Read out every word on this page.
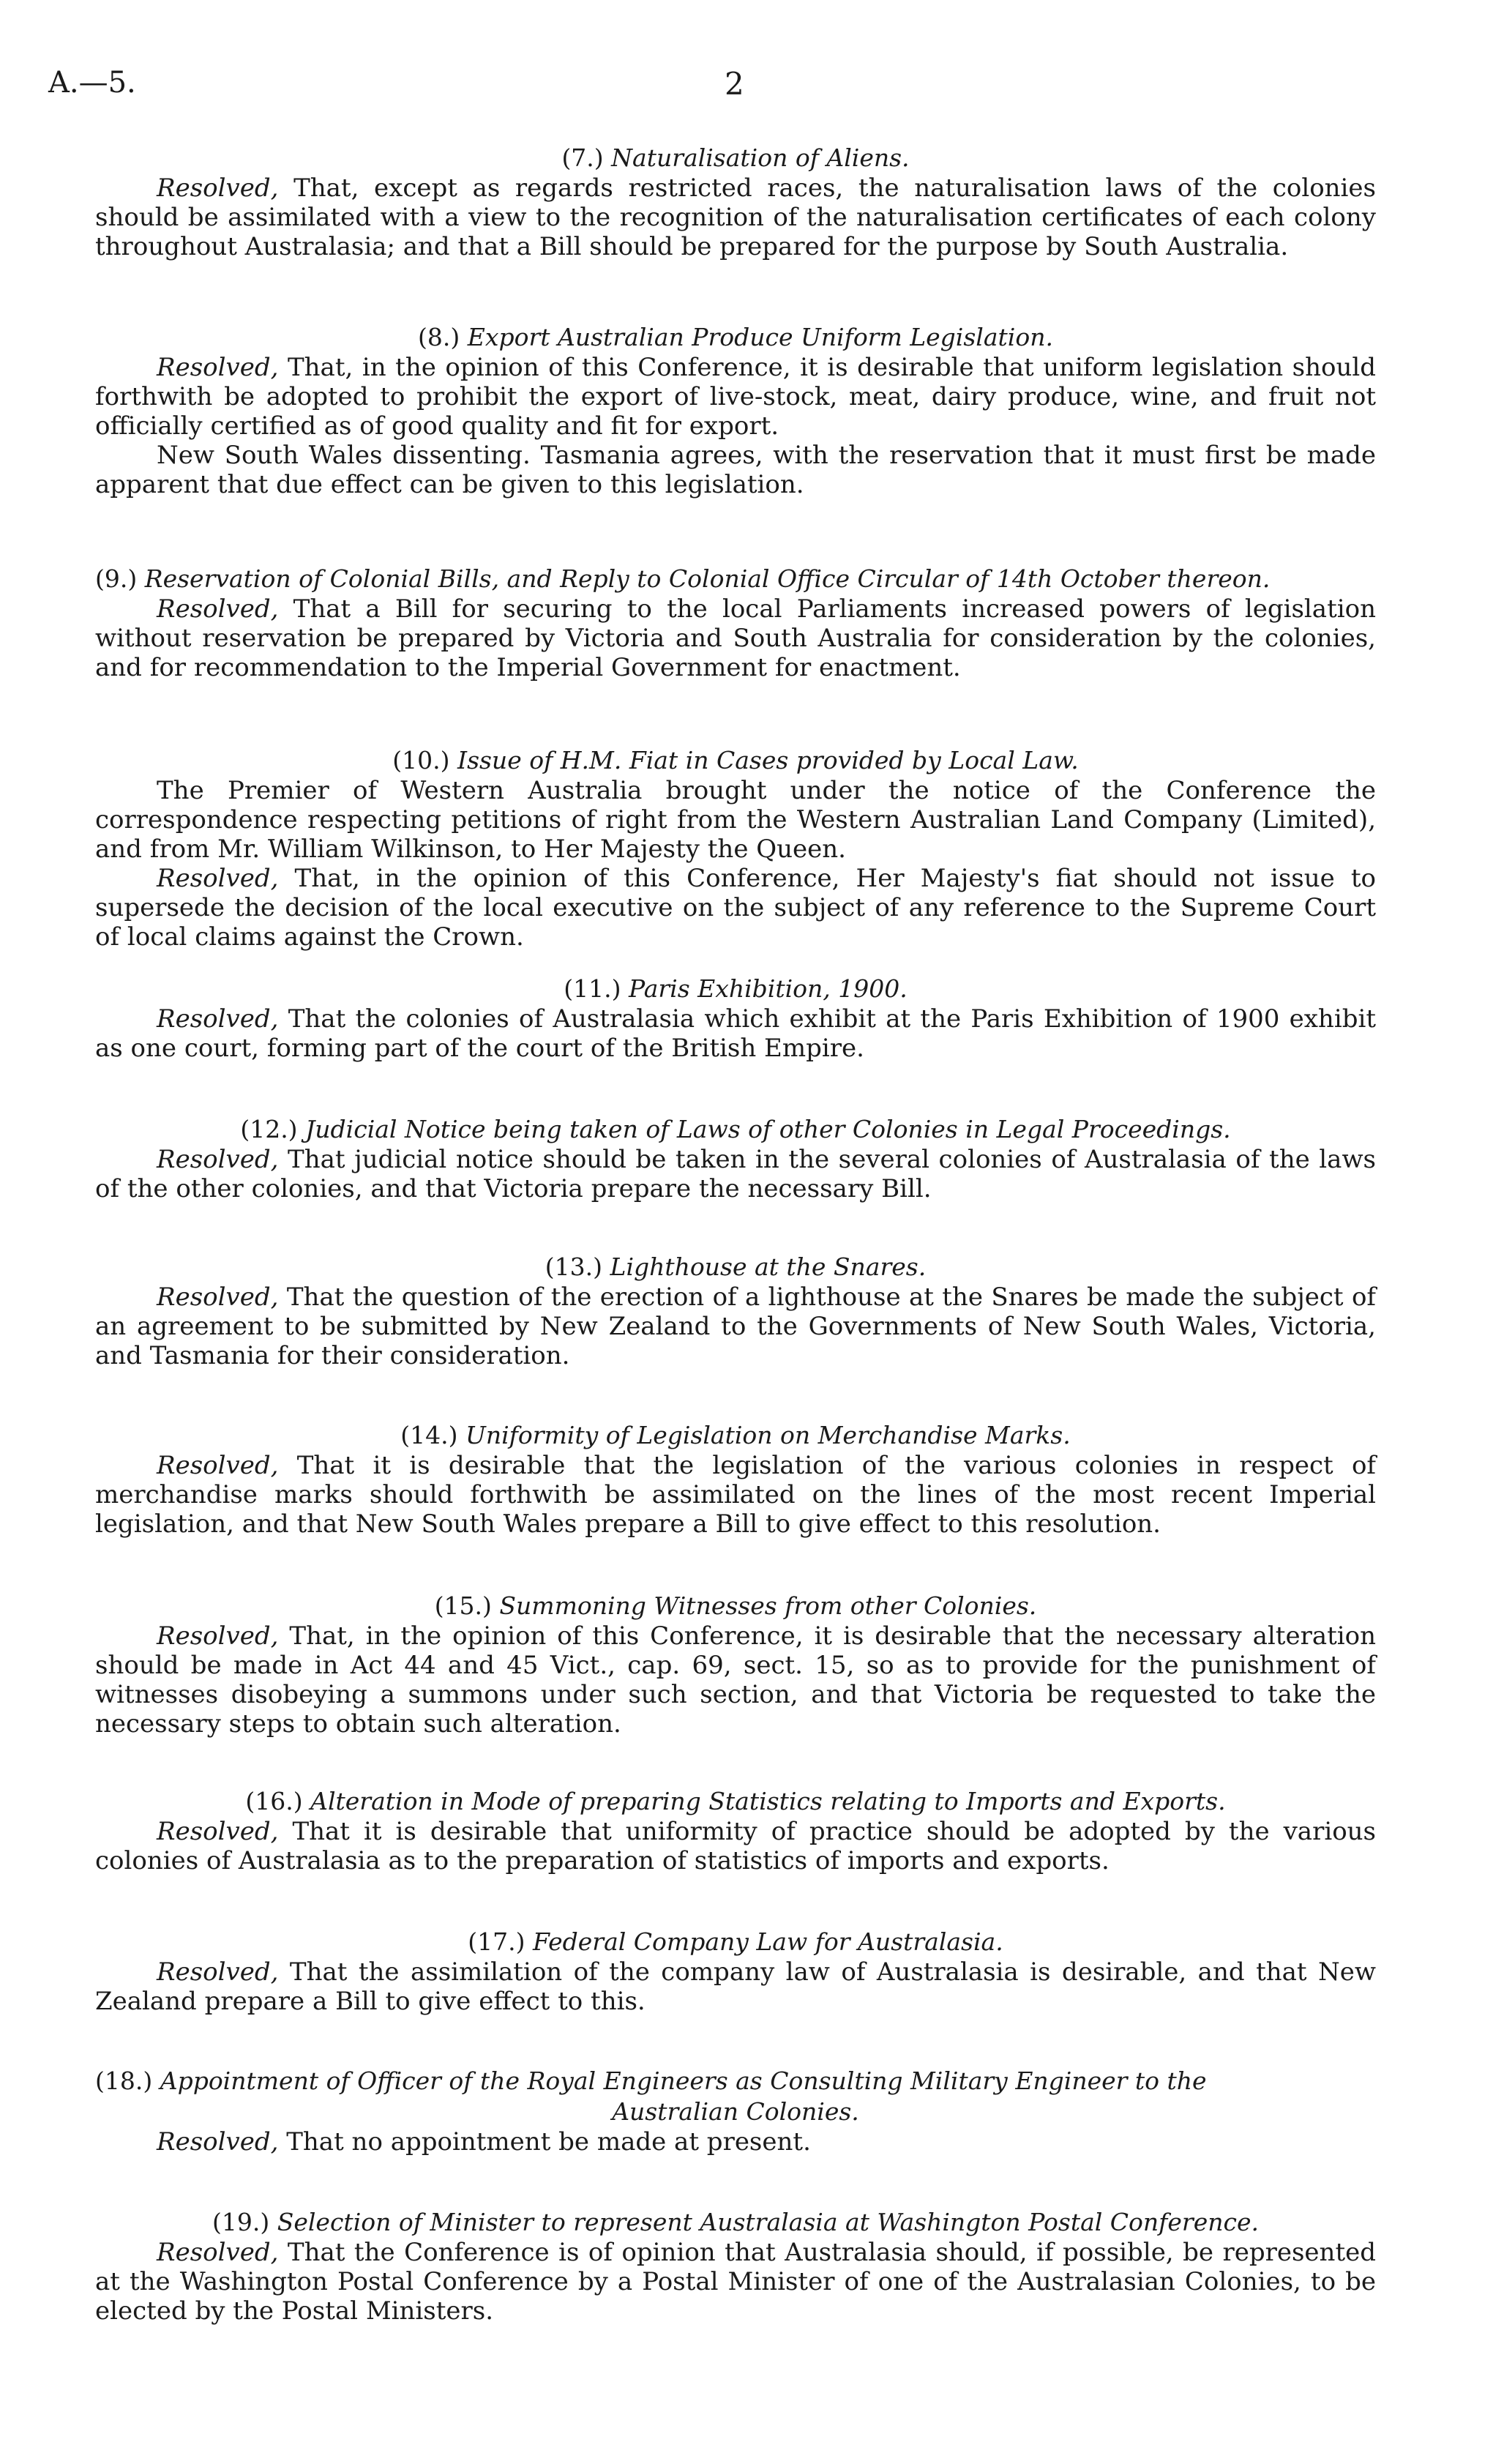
A.—5.	2

(7.) Naturalisation of Aliens.

Resolved, That, except as regards restricted races, the naturalisation laws of the colonies should be assimilated with a view to the recognition of the naturalisation certificates of each colony throughout Australasia; and that a Bill should be prepared for the purpose by South Australia.

(8.) Export Australian Produce Uniform Legislation.

Resolved, That, in the opinion of this Conference, it is desirable that uniform legislation should forthwith be adopted to prohibit the export of live-stock, meat, dairy produce, wine, and fruit not officially certified as of good quality and fit for export.

New South Wales dissenting. Tasmania agrees, with the reservation that it must first be made apparent that due effect can be given to this legislation.

(9.) Reservation of Colonial Bills, and Reply to Colonial Office Circular of 14th October thereon.

Resolved, That a Bill for securing to the local Parliaments increased powers of legislation without reservation be prepared by Victoria and South Australia for consideration by the colonies, and for recommendation to the Imperial Government for enactment.

(10.) Issue of H.M. Fiat in Cases provided by Local Law.

The Premier of Western Australia brought under the notice of the Conference the correspondence respecting petitions of right from the Western Australian Land Company (Limited), and from Mr. William Wilkinson, to Her Majesty the Queen.

Resolved, That, in the opinion of this Conference, Her Majesty's fiat should not issue to supersede the decision of the local executive on the subject of any reference to the Supreme Court of local claims against the Crown.

(11.) Paris Exhibition, 1900.

Resolved, That the colonies of Australasia which exhibit at the Paris Exhibition of 1900 exhibit as one court, forming part of the court of the British Empire.

(12.) Judicial Notice being taken of Laws of other Colonies in Legal Proceedings.

Resolved, That judicial notice should be taken in the several colonies of Australasia of the laws of the other colonies, and that Victoria prepare the necessary Bill.

(13.) Lighthouse at the Snares.

Resolved, That the question of the erection of a lighthouse at the Snares be made the subject of an agreement to be submitted by New Zealand to the Governments of New South Wales, Victoria, and Tasmania for their consideration.

(14.) Uniformity of Legislation on Merchandise Marks.

Resolved, That it is desirable that the legislation of the various colonies in respect of merchandise marks should forthwith be assimilated on the lines of the most recent Imperial legislation, and that New South Wales prepare a Bill to give effect to this resolution.

(15.) Summoning Witnesses from other Colonies.

Resolved, That, in the opinion of this Conference, it is desirable that the necessary alteration should be made in Act 44 and 45 Vict., cap. 69, sect. 15, so as to provide for the punishment of witnesses disobeying a summons under such section, and that Victoria be requested to take the necessary steps to obtain such alteration.

(16.) Alteration in Mode of preparing Statistics relating to Imports and Exports.

Resolved, That it is desirable that uniformity of practice should be adopted by the various colonies of Australasia as to the preparation of statistics of imports and exports.

(17.) Federal Company Law for Australasia.

Resolved, That the assimilation of the company law of Australasia is desirable, and that New Zealand prepare a Bill to give effect to this.

(18.) Appointment of Officer of the Royal Engineers as Consulting Military Engineer to the

Australian Colonies.

Resolved, That no appointment be made at present.

(19.) Selection of Minister to represent Australasia at Washington Postal Conference.

Resolved, That the Conference is of opinion that Australasia should, if possible, be represented at the Washington Postal Conference by a Postal Minister of one of the Australasian Colonies, to be elected by the Postal Ministers.
